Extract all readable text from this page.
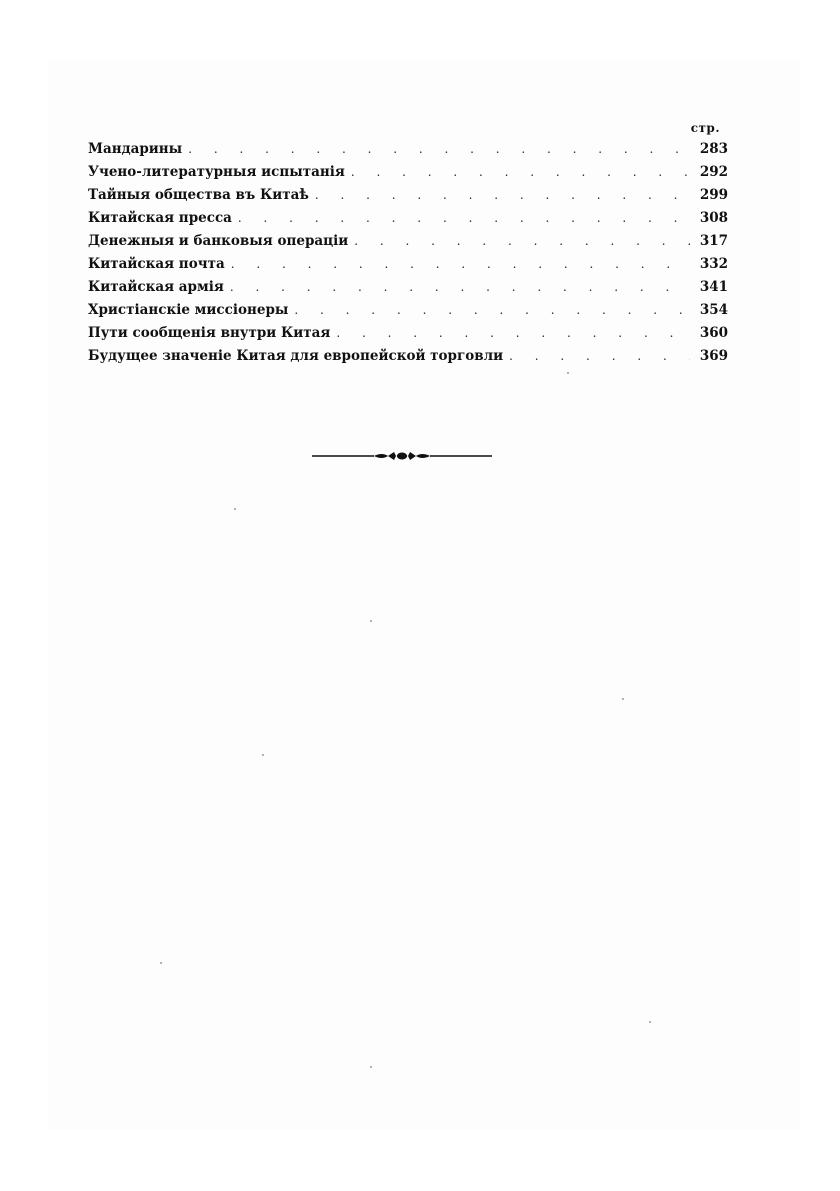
стр.
Мандарины . . .	283
Учено-литературныя испытанія . . .	292
Тайныя общества въ Китаѣ . . .	299
Китайская пресса . . .	308
Денежныя и банковыя операціи . . .	317
Китайская почта . . .	332
Китайская армія . . .	341
Христіанскіе миссіонеры . . .	354
Пути сообщенія внутри Китая . . .	360
Будущее значеніе Китая для европейской торговли . . .	369
